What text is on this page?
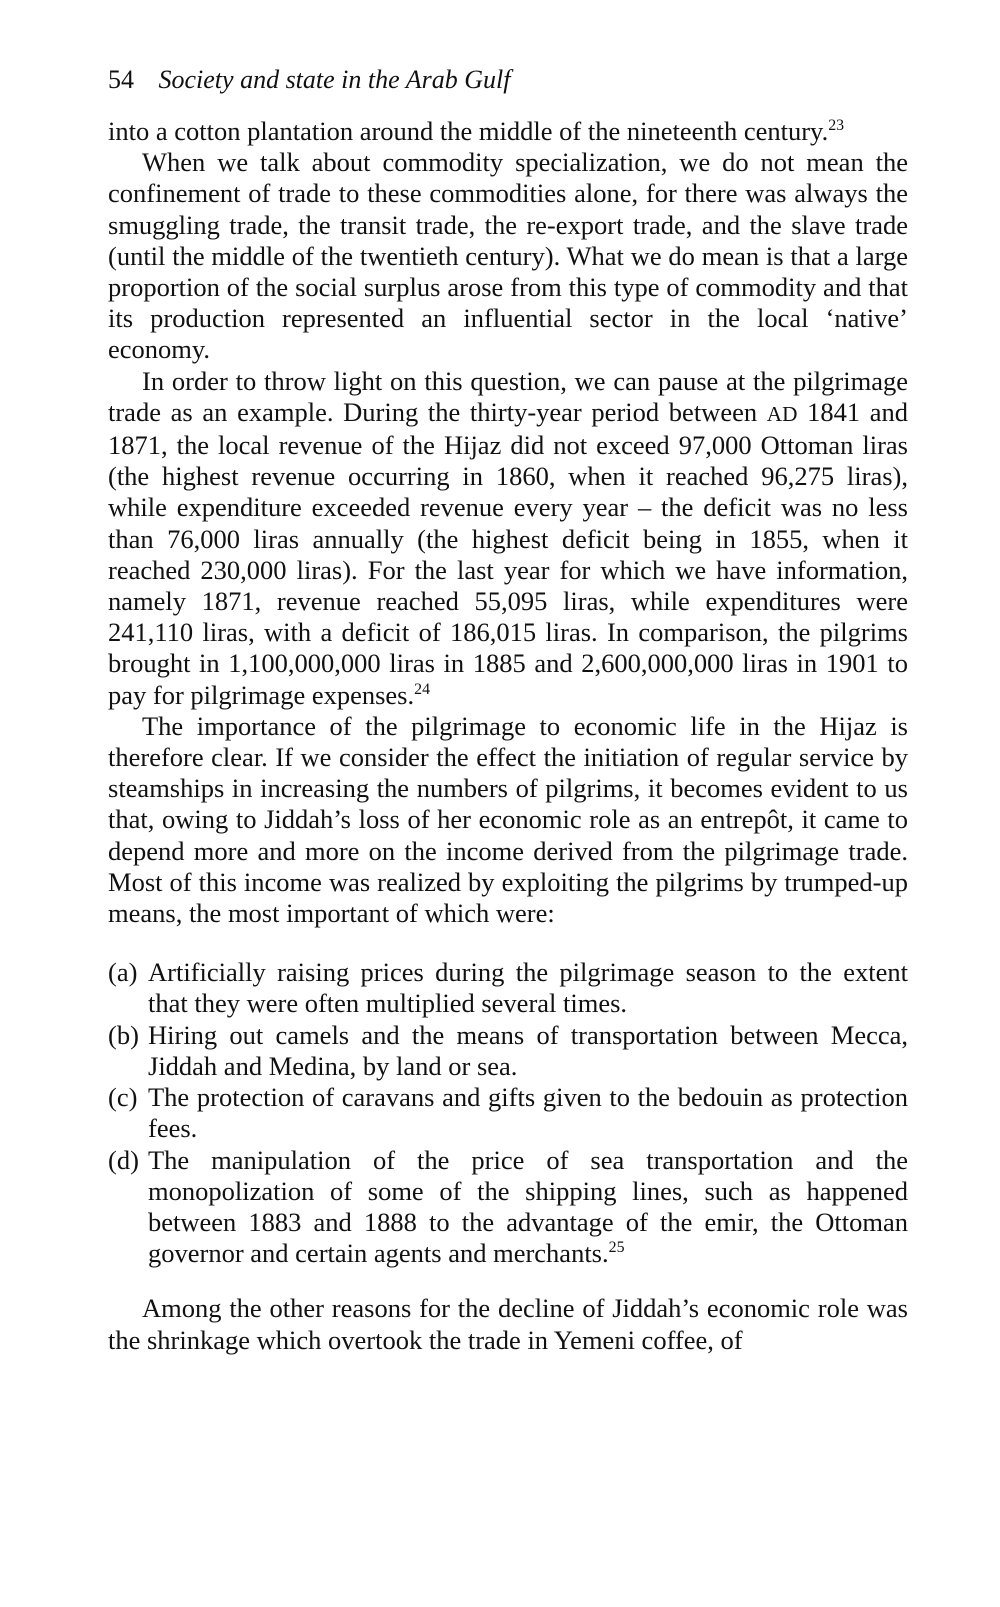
54 Society and state in the Arab Gulf

into a cotton plantation around the middle of the nineteenth century.$^{23}$

When we talk about commodity specialization, we do not mean the confinement of trade to these commodities alone, for there was always the smuggling trade, the transit trade, the re-export trade, and the slave trade (until the middle of the twentieth century). What we do mean is that a large proportion of the social surplus arose from this type of commodity and that its production represented an influential sector in the local ‘native’ economy.

In order to throw light on this question, we can pause at the pilgrimage trade as an example. During the thirty-year period between AD 1841 and 1871, the local revenue of the Hijaz did not exceed 97,000 Ottoman liras (the highest revenue occurring in 1860, when it reached 96,275 liras), while expenditure exceeded revenue every year – the deficit was no less than 76,000 liras annually (the highest deficit being in 1855, when it reached 230,000 liras). For the last year for which we have information, namely 1871, revenue reached 55,095 liras, while expenditures were 241,110 liras, with a deficit of 186,015 liras. In comparison, the pilgrims brought in 1,100,000,000 liras in 1885 and 2,600,000,000 liras in 1901 to pay for pilgrimage expenses.$^{24}$

The importance of the pilgrimage to economic life in the Hijaz is therefore clear. If we consider the effect the initiation of regular service by steamships in increasing the numbers of pilgrims, it becomes evident to us that, owing to Jiddah’s loss of her economic role as an entrepôt, it came to depend more and more on the income derived from the pilgrimage trade. Most of this income was realized by exploiting the pilgrims by trumped-up means, the most important of which were:

(a) Artificially raising prices during the pilgrimage season to the extent that they were often multiplied several times.
(b) Hiring out camels and the means of transportation between Mecca, Jiddah and Medina, by land or sea.
(c) The protection of caravans and gifts given to the bedouin as protection fees.
(d) The manipulation of the price of sea transportation and the monopolization of some of the shipping lines, such as happened between 1883 and 1888 to the advantage of the emir, the Ottoman governor and certain agents and merchants.$^{25}$

Among the other reasons for the decline of Jiddah’s economic role was the shrinkage which overtook the trade in Yemeni coffee, of
